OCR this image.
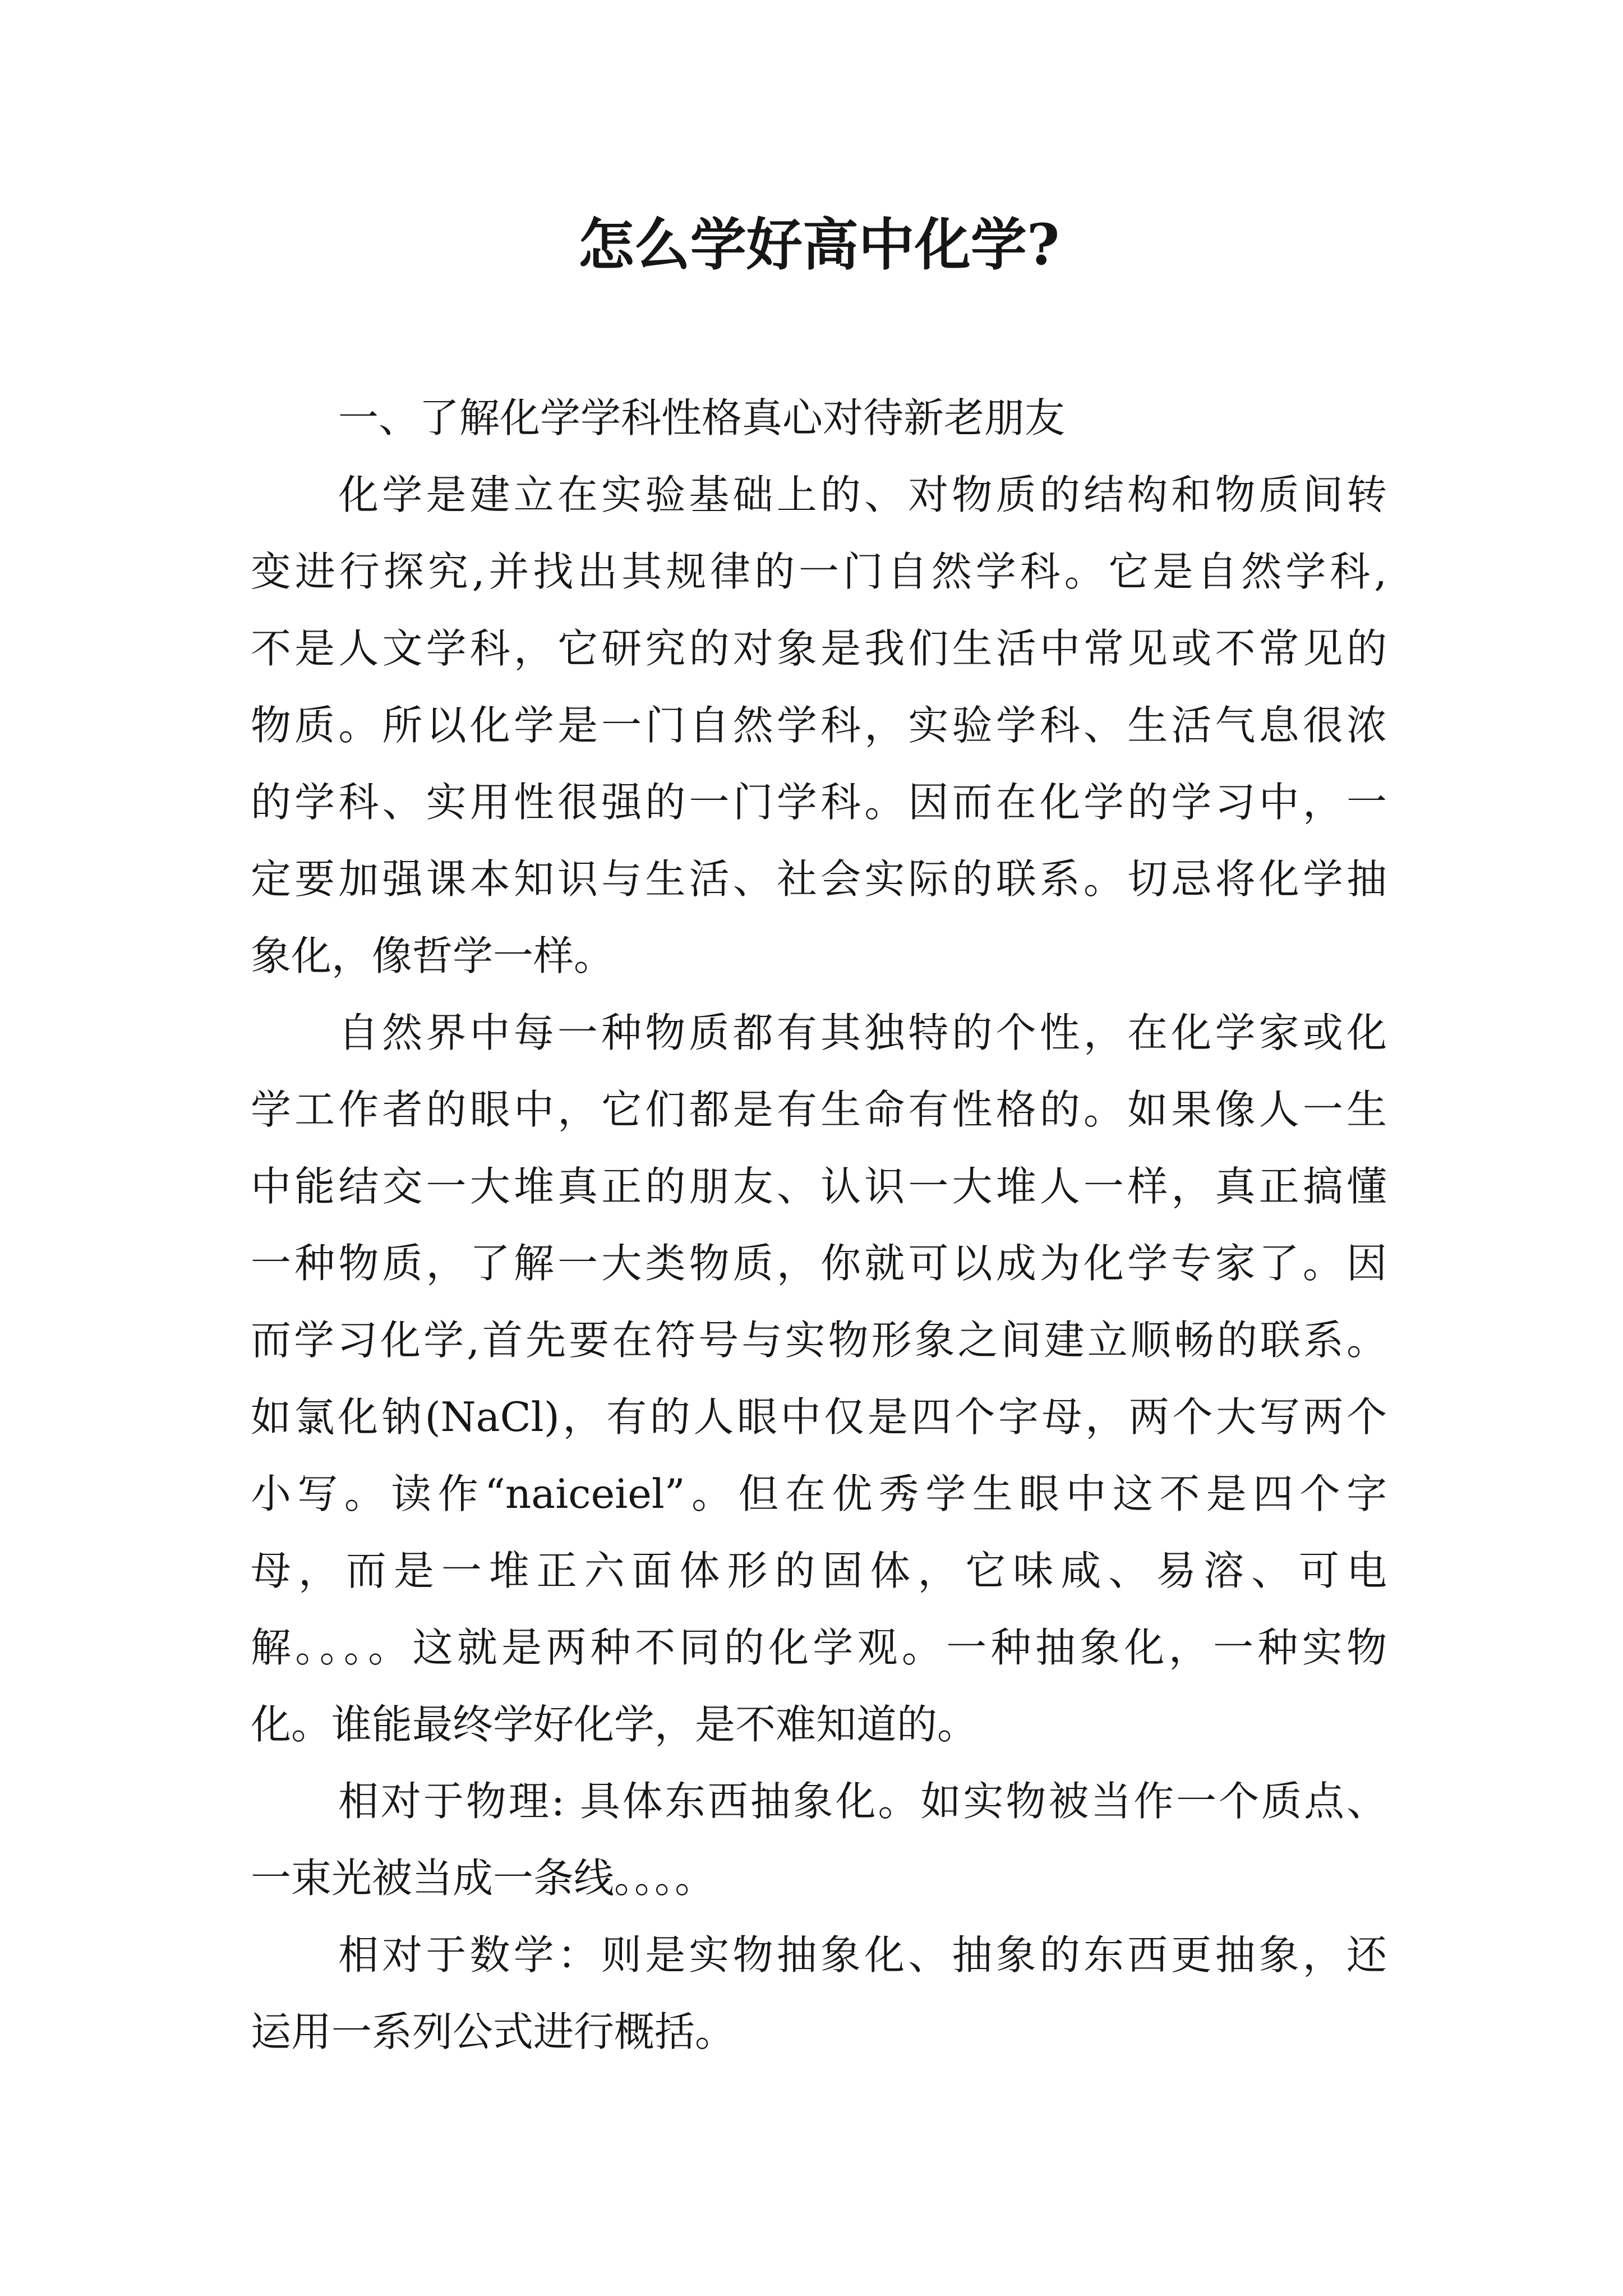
怎么学好高中化学?
一、了解化学学科性格真心对待新老朋友
化学是建立在实验基础上的、对物质的结构和物质间转
变进行探究,并找出其规律的一门自然学科。它是自然学科,
不是人文学科，它研究的对象是我们生活中常见或不常见的
物质。所以化学是一门自然学科，实验学科、生活气息很浓
的学科、实用性很强的一门学科。因而在化学的学习中，一
定要加强课本知识与生活、社会实际的联系。切忌将化学抽
象化，像哲学一样。
自然界中每一种物质都有其独特的个性，在化学家或化
学工作者的眼中，它们都是有生命有性格的。如果像人一生
中能结交一大堆真正的朋友、认识一大堆人一样，真正搞懂
一种物质，了解一大类物质，你就可以成为化学专家了。因
而学习化学,首先要在符号与实物形象之间建立顺畅的联系。
如氯化钠(NaCl)，有的人眼中仅是四个字母，两个大写两个
小写。读作“naiceiel”。但在优秀学生眼中这不是四个字
母，而是一堆正六面体形的固体，它味咸、易溶、可电
解。。。。这就是两种不同的化学观。一种抽象化，一种实物
化。谁能最终学好化学，是不难知道的。
相对于物理: 具体东西抽象化。如实物被当作一个质点、
一束光被当成一条线。。。。
相对于数学：则是实物抽象化、抽象的东西更抽象，还
运用一系列公式进行概括。
